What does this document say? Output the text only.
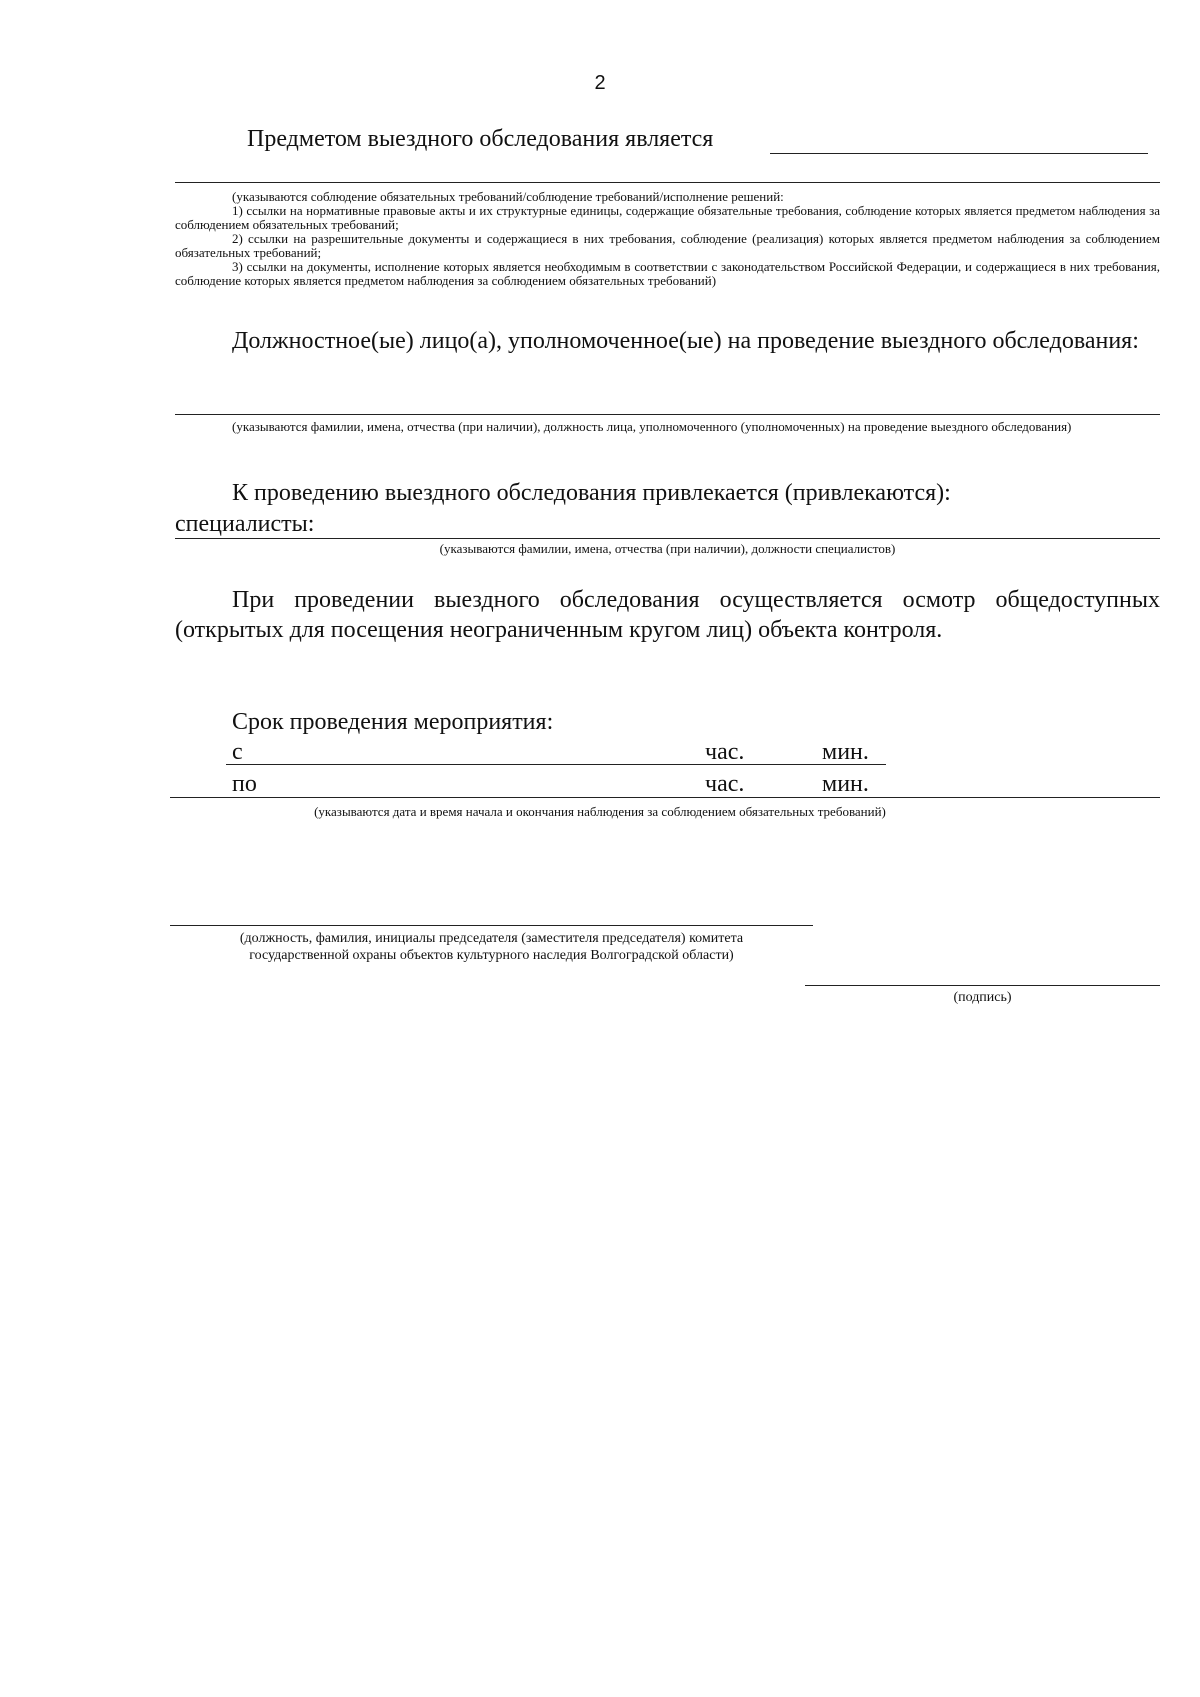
2
Предметом выездного обследования является

(указываются соблюдение обязательных требований/соблюдение требований/исполнение решений:

1) ссылки на нормативные правовые акты и их структурные единицы, содержащие обязательные требования, соблюдение которых является предметом наблюдения за соблюдением обязательных требований;

2) ссылки на разрешительные документы и содержащиеся в них требования, соблюдение (реализация) которых является предметом наблюдения за соблюдением обязательных требований;

3) ссылки на документы, исполнение которых является необходимым в соответствии с законодательством Российской Федерации, и содержащиеся в них требования, соблюдение которых является предметом наблюдения за соблюдением обязательных требований)

Должностное(ые) лицо(а), уполномоченное(ые) на проведение выездного обследования:

(указываются фамилии, имена, отчества (при наличии), должность лица, уполномоченного (уполномоченных) на проведение выездного обследования)

К проведению выездного обследования привлекается (привлекаются):
специалисты:
(указываются фамилии, имена, отчества (при наличии), должности специалистов)

При проведении выездного обследования осуществляется осмотр общедоступных (открытых для посещения неограниченным кругом лиц) объекта контроля.

Срок проведения мероприятия:
с	час.	мин.
по	час.	мин.
(указываются дата и время начала и окончания наблюдения за соблюдением обязательных требований)
(должность, фамилия, инициалы председателя (заместителя председателя) комитета
государственной охраны объектов культурного наследия Волгоградской области)
(подпись)
